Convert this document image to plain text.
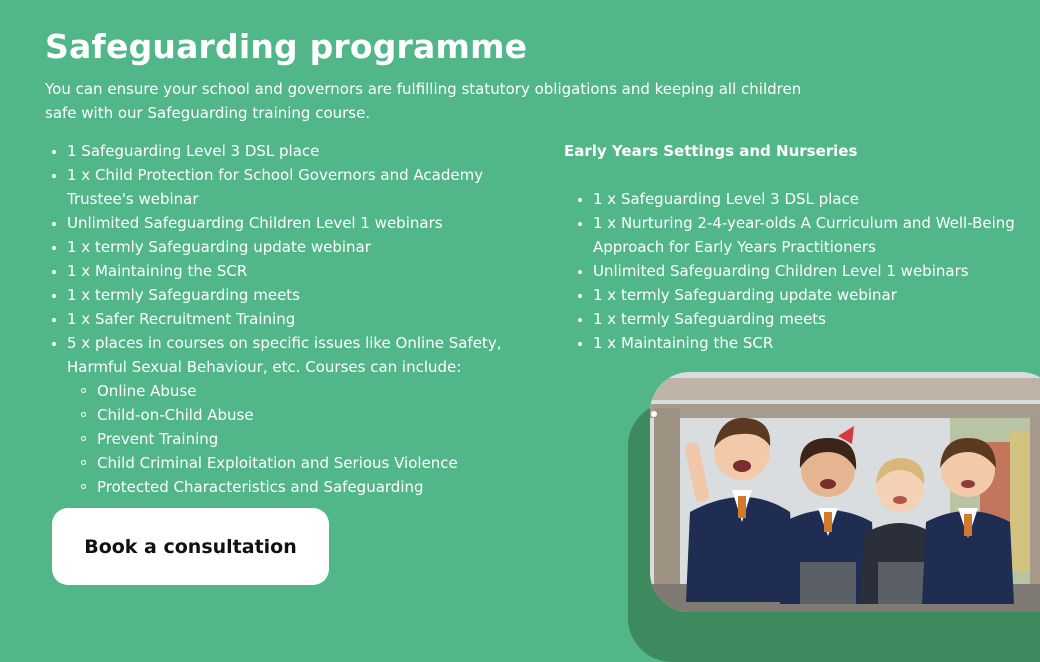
Safeguarding programme

You can ensure your school and governors are fulfilling statutory obligations and keeping all children safe with our Safeguarding training course.

1 Safeguarding Level 3 DSL place
1 x Child Protection for School Governors and Academy Trustee's webinar
Unlimited Safeguarding Children Level 1 webinars
1 x termly Safeguarding update webinar
1 x Maintaining the SCR
1 x termly Safeguarding meets
1 x Safer Recruitment Training
5 x places in courses on specific issues like Online Safety, Harmful Sexual Behaviour, etc. Courses can include:
Online Abuse
Child-on-Child Abuse
Prevent Training
Child Criminal Exploitation and Serious Violence
Protected Characteristics and Safeguarding
Early Years Settings and Nurseries
1 x Safeguarding Level 3 DSL place
1 x Nurturing 2-4-year-olds A Curriculum and Well-Being Approach for Early Years Practitioners
Unlimited Safeguarding Children Level 1 webinars
1 x termly Safeguarding update webinar
1 x termly Safeguarding meets
1 x Maintaining the SCR
Book a consultation
